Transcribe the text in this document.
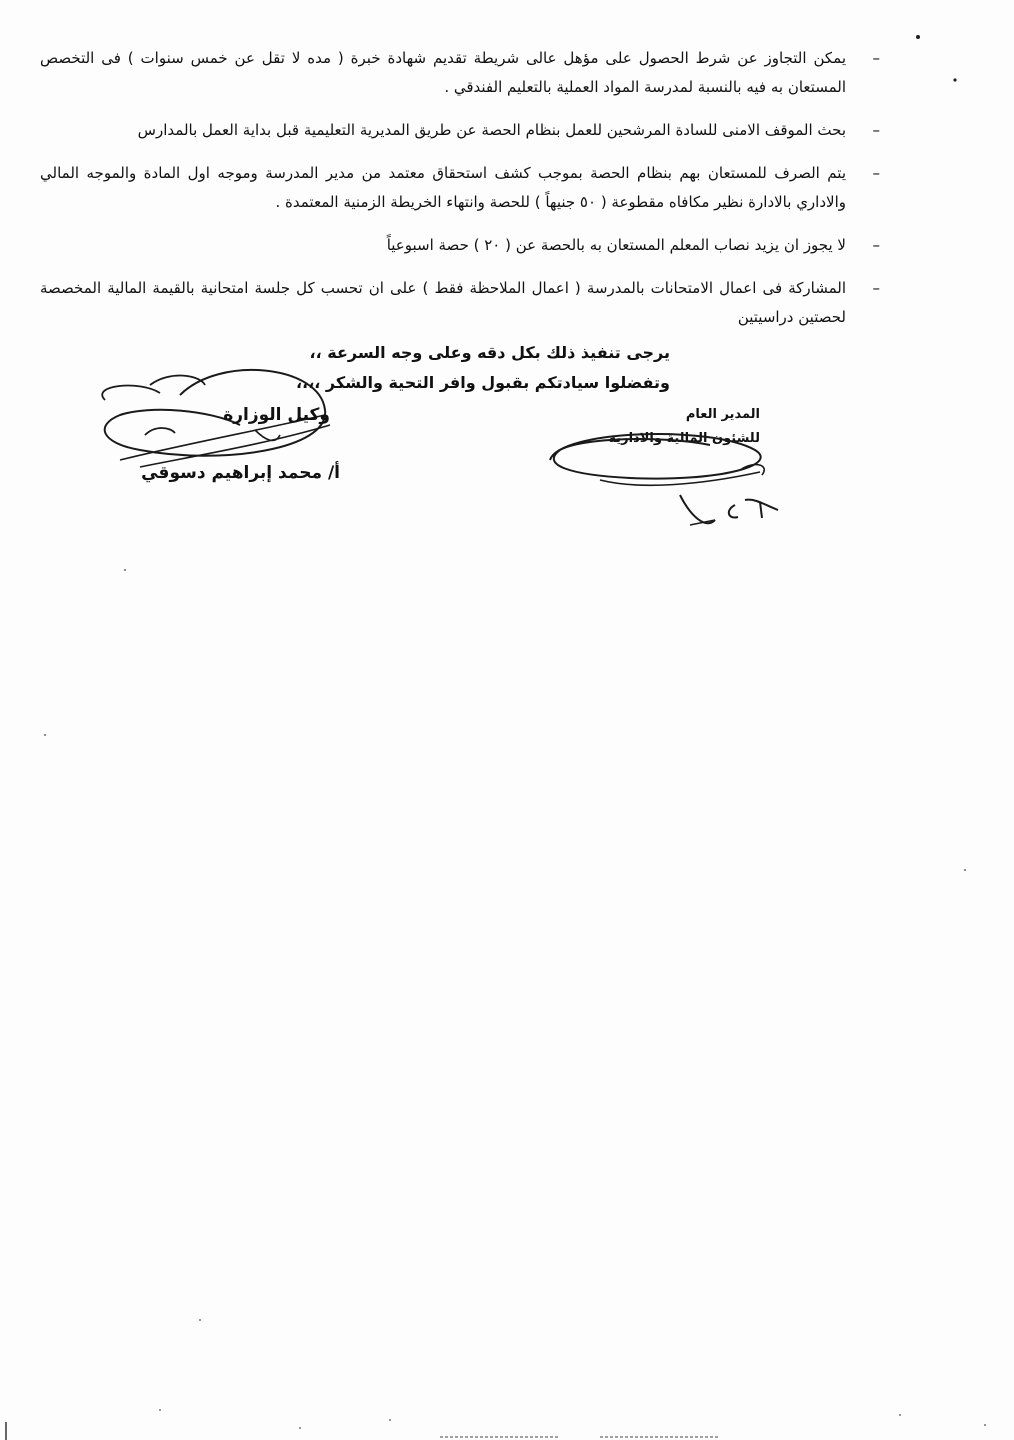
–
يمكن التجاوز عن شرط الحصول على مؤهل عالى شريطة تقديم شهادة خبرة ( مده لا تقل عن خمس سنوات ) فى التخصص المستعان به فيه بالنسبة لمدرسة المواد العملية بالتعليم الفندقي .
–
بحث الموقف الامنى للسادة المرشحين للعمل بنظام الحصة عن طريق المديرية التعليمية قبل بداية العمل بالمدارس
–
يتم الصرف للمستعان بهم بنظام الحصة بموجب كشف استحقاق معتمد من مدير المدرسة وموجه اول المادة والموجه المالي والاداري بالادارة نظير مكافاه مقطوعة ( ٥٠ جنيهاً ) للحصة وانتهاء الخريطة الزمنية المعتمدة .
–
لا يجوز ان يزيد نصاب المعلم المستعان به بالحصة عن ( ٢٠ ) حصة اسبوعياً
–
المشاركة فى اعمال الامتحانات بالمدرسة ( اعمال الملاحظة فقط ) على ان تحسب كل جلسة امتحانية بالقيمة المالية المخصصة لحصتين دراسيتين
يرجى تنفيذ ذلك بكل دقه وعلى وجه السرعة ،،
وتفضلوا سيادتكم بقبول وافر التحية والشكر ،،،،
المدير العام
للشئون المالية والادارية
وكيل الوزارة
أ/ محمد إبراهيم دسوقي
